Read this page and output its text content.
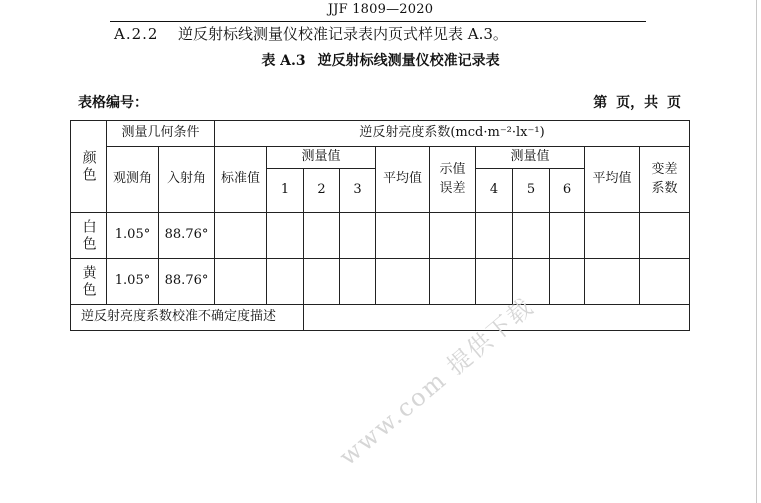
JJF 1809—2020
A.2.2 逆反射标线测量仪校准记录表内页式样见表 A.3。
表 A.3 逆反射标线测量仪校准记录表
表格编号：	第 页，共 页
颜色	测量几何条件		逆反射亮度系数(mcd·m⁻²·lx⁻¹)										
	观测角	入射角	标准值	测量值			平均值	示值误差	测量值			平均值	变差系数
				1	2	3			4	5	6		
白色	1.05°	88.76°											
黄色	1.05°	88.76°											
逆反射亮度系数校准不确定度描述													www.com 提供下载
